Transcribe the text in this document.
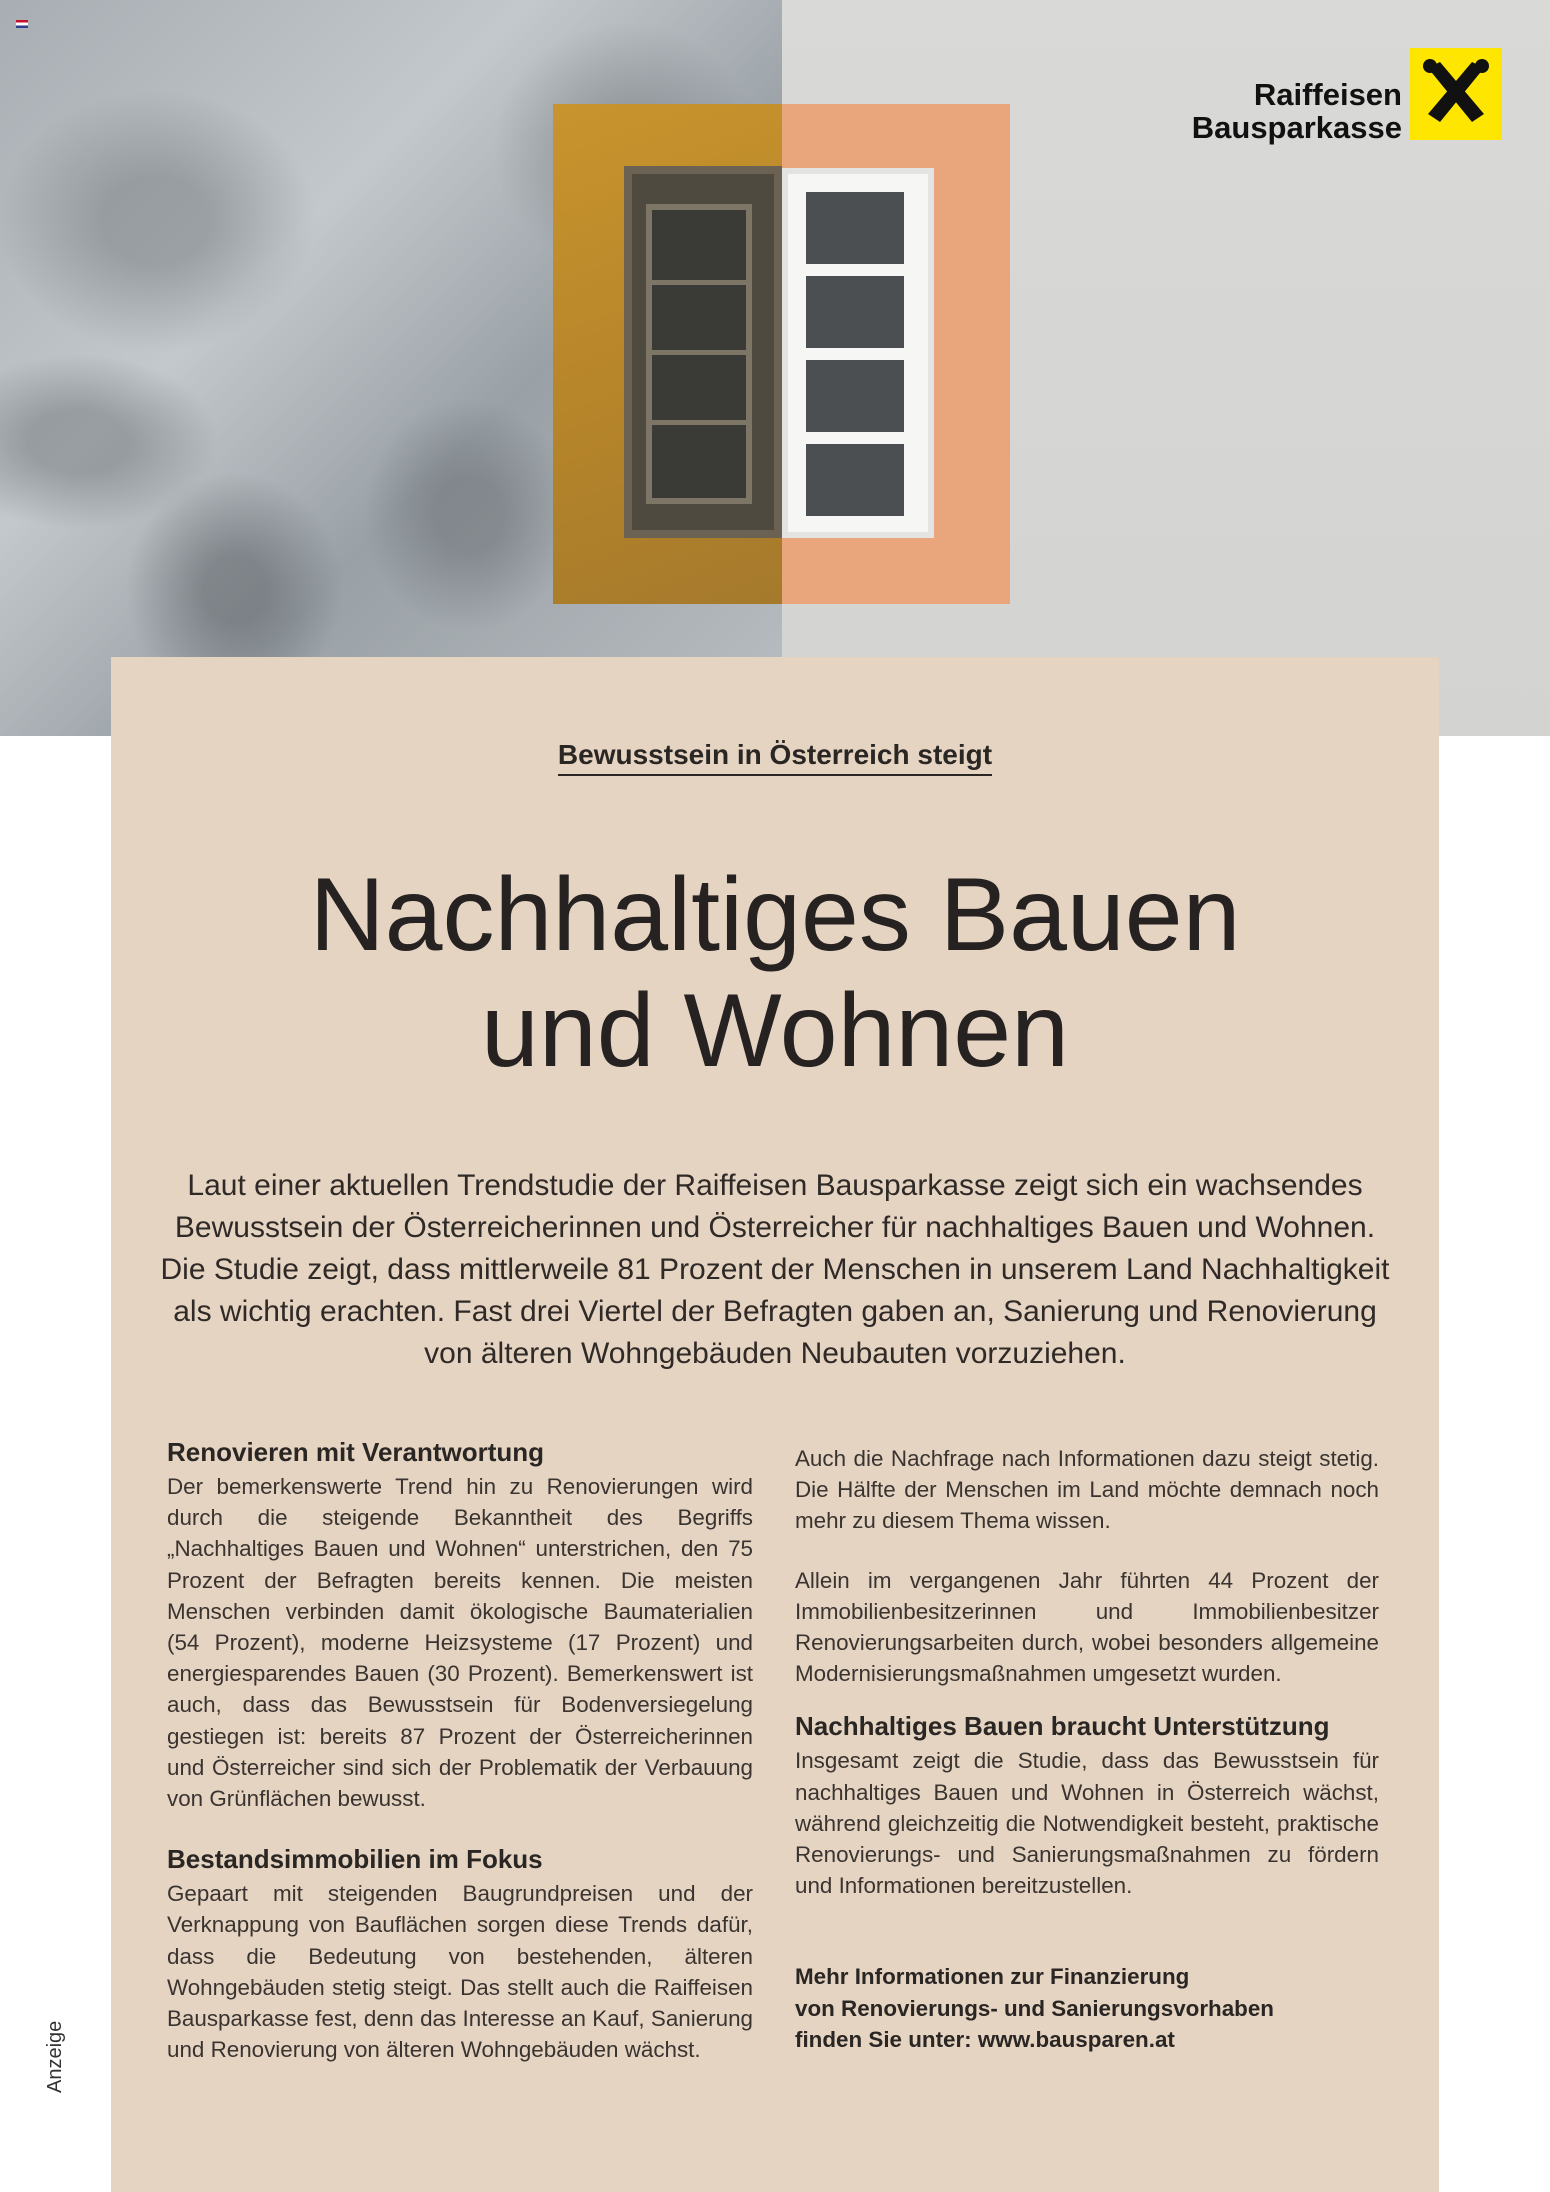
Raiffeisen
Bausparkasse
Bewusstsein in Österreich steigt
Nachhaltiges Bauen
und Wohnen
Laut einer aktuellen Trendstudie der Raiffeisen Bausparkasse zeigt sich ein wachsendes Bewusstsein der Österreicherinnen und Österreicher für nachhaltiges Bauen und Wohnen. Die Studie zeigt, dass mittlerweile 81 Prozent der Menschen in unserem Land Nachhaltigkeit als wichtig erachten. Fast drei Viertel der Befragten gaben an, Sanierung und Renovierung von älteren Wohngebäuden Neubauten vorzuziehen.
Renovieren mit Verantwortung

Der bemerkenswerte Trend hin zu Renovierungen wird durch die steigende Bekanntheit des Begriffs „Nachhaltiges Bauen und Wohnen“ unterstrichen, den 75 Prozent der Befragten bereits kennen. Die meisten Menschen verbinden damit ökologische Baumaterialien (54 Prozent), moderne Heizsysteme (17 Prozent) und energiesparendes Bauen (30 Prozent). Bemerkenswert ist auch, dass das Bewusstsein für Bodenversiegelung gestiegen ist: bereits 87 Prozent der Österreicherinnen und Österreicher sind sich der Problematik der Verbauung von Grünflächen bewusst.

Bestandsimmobilien im Fokus

Gepaart mit steigenden Baugrundpreisen und der Verknappung von Bauflächen sorgen diese Trends dafür, dass die Bedeutung von bestehenden, älteren Wohngebäuden stetig steigt. Das stellt auch die Raiffeisen Bausparkasse fest, denn das Interesse an Kauf, Sanierung und Renovierung von älteren Wohngebäuden wächst.

Auch die Nachfrage nach Informationen dazu steigt stetig. Die Hälfte der Menschen im Land möchte demnach noch mehr zu diesem Thema wissen.

Allein im vergangenen Jahr führten 44 Prozent der Immobilienbesitzerinnen und Immobilienbesitzer Renovierungsarbeiten durch, wobei besonders allgemeine Modernisierungsmaßnahmen umgesetzt wurden.

Nachhaltiges Bauen braucht Unterstützung

Insgesamt zeigt die Studie, dass das Bewusstsein für nachhaltiges Bauen und Wohnen in Österreich wächst, während gleichzeitig die Notwendigkeit besteht, praktische Renovierungs- und Sanierungsmaßnahmen zu fördern und Informationen bereitzustellen.

Mehr Informationen zur Finanzierung
von Renovierungs- und Sanierungsvorhaben
finden Sie unter: www.bausparen.at
Anzeige
